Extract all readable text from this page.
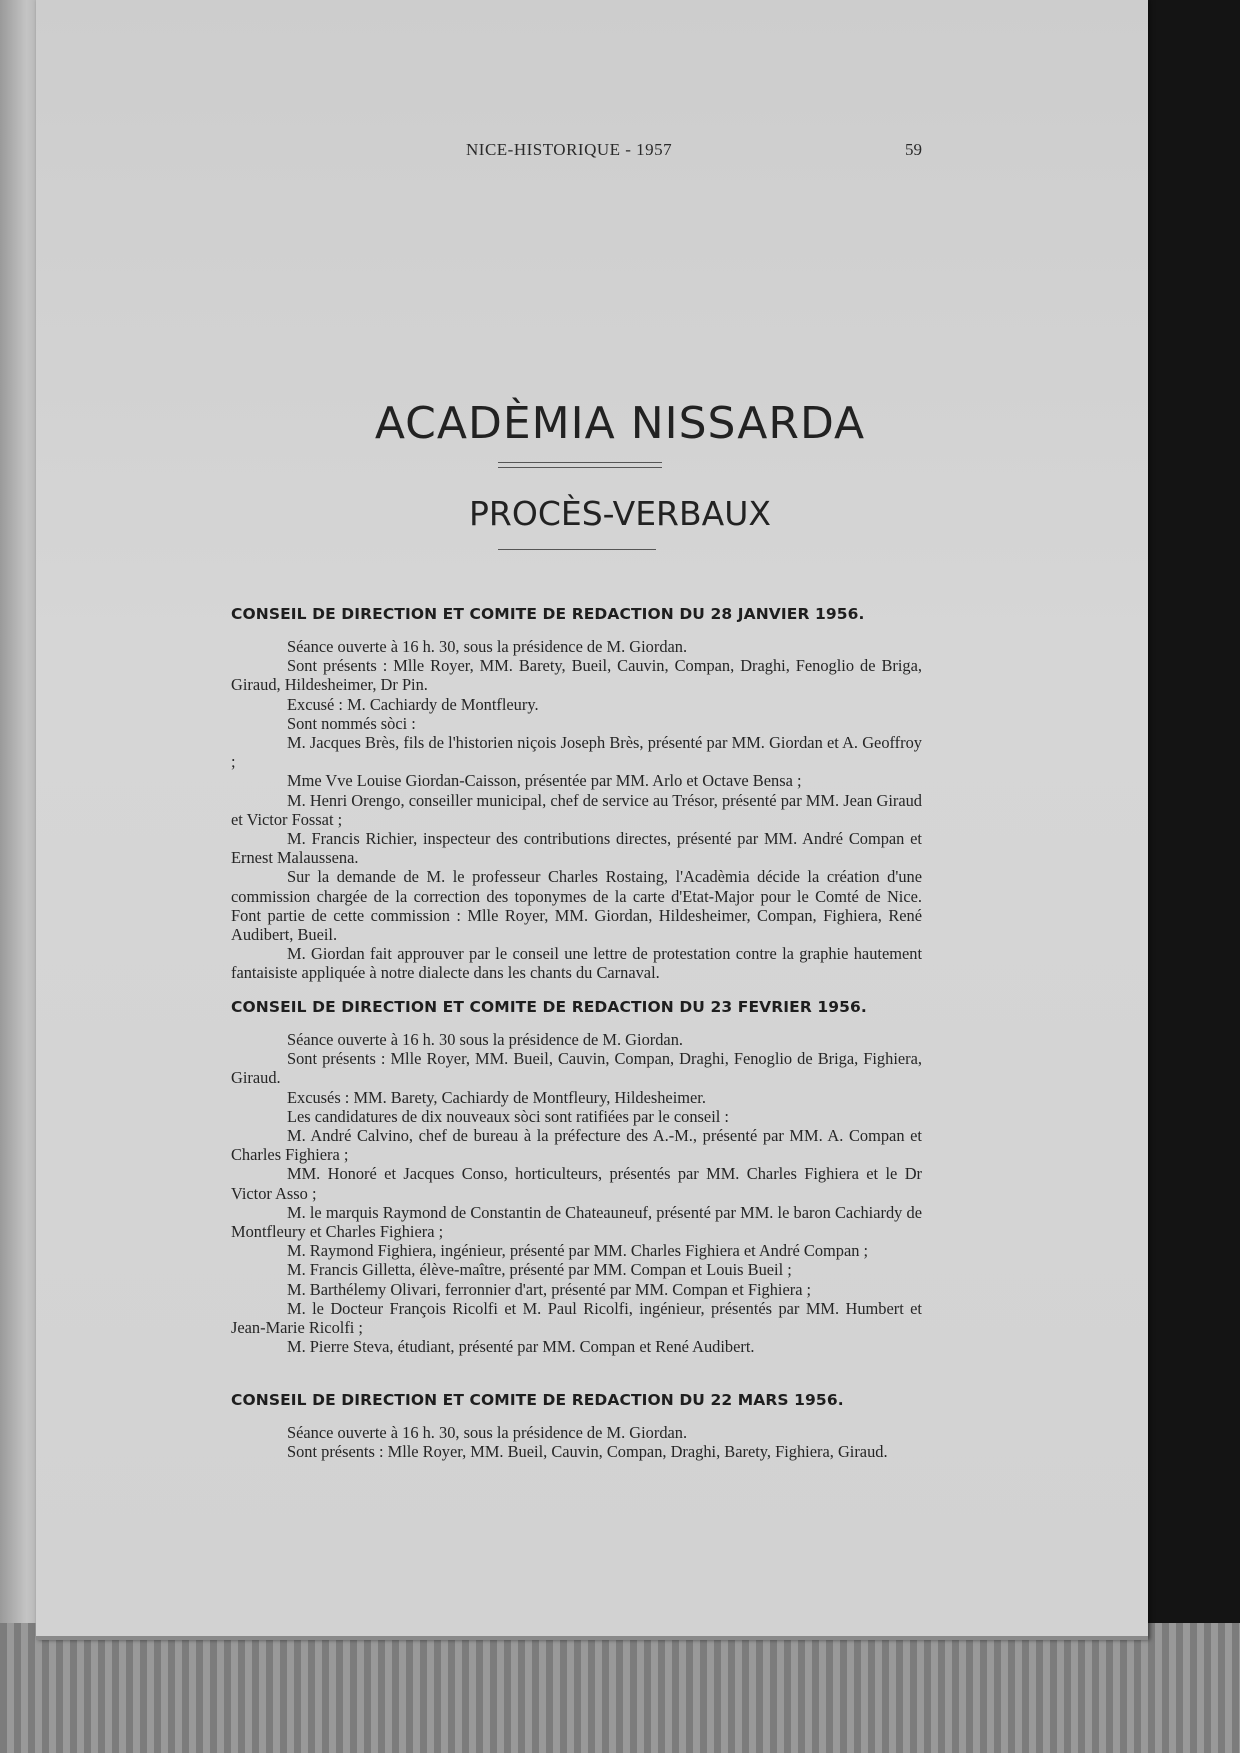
NICE-HISTORIQUE - 1957	59
ACADÈMIA NISSARDA
PROCÈS-VERBAUX
CONSEIL DE DIRECTION ET COMITE DE REDACTION DU 28 JANVIER 1956.

Séance ouverte à 16 h. 30, sous la présidence de M. Giordan.

Sont présents : Mlle Royer, MM. Barety, Bueil, Cauvin, Compan, Draghi, Fenoglio de Briga, Giraud, Hildesheimer, Dr Pin.

Excusé : M. Cachiardy de Montfleury.

Sont nommés sòci :

M. Jacques Brès, fils de l'historien niçois Joseph Brès, présenté par MM. Giordan et A. Geoffroy ;

Mme Vve Louise Giordan-Caisson, présentée par MM. Arlo et Octave Bensa ;

M. Henri Orengo, conseiller municipal, chef de service au Trésor, présenté par MM. Jean Giraud et Victor Fossat ;

M. Francis Richier, inspecteur des contributions directes, présenté par MM. André Compan et Ernest Malaussena.

Sur la demande de M. le professeur Charles Rostaing, l'Acadèmia décide la création d'une commission chargée de la correction des toponymes de la carte d'Etat-Major pour le Comté de Nice. Font partie de cette commission : Mlle Royer, MM. Giordan, Hildesheimer, Compan, Fighiera, René Audibert, Bueil.

M. Giordan fait approuver par le conseil une lettre de protestation contre la graphie hautement fantaisiste appliquée à notre dialecte dans les chants du Carnaval.

CONSEIL DE DIRECTION ET COMITE DE REDACTION DU 23 FEVRIER 1956.

Séance ouverte à 16 h. 30 sous la présidence de M. Giordan.

Sont présents : Mlle Royer, MM. Bueil, Cauvin, Compan, Draghi, Fenoglio de Briga, Fighiera, Giraud.

Excusés : MM. Barety, Cachiardy de Montfleury, Hildesheimer.

Les candidatures de dix nouveaux sòci sont ratifiées par le conseil :

M. André Calvino, chef de bureau à la préfecture des A.-M., présenté par MM. A. Compan et Charles Fighiera ;

MM. Honoré et Jacques Conso, horticulteurs, présentés par MM. Charles Fighiera et le Dr Victor Asso ;

M. le marquis Raymond de Constantin de Chateauneuf, présenté par MM. le baron Cachiardy de Montfleury et Charles Fighiera ;

M. Raymond Fighiera, ingénieur, présenté par MM. Charles Fighiera et André Compan ;

M. Francis Gilletta, élève-maître, présenté par MM. Compan et Louis Bueil ;

M. Barthélemy Olivari, ferronnier d'art, présenté par MM. Compan et Fighiera ;

M. le Docteur François Ricolfi et M. Paul Ricolfi, ingénieur, présentés par MM. Humbert et Jean-Marie Ricolfi ;

M. Pierre Steva, étudiant, présenté par MM. Compan et René Audibert.

CONSEIL DE DIRECTION ET COMITE DE REDACTION DU 22 MARS 1956.

Séance ouverte à 16 h. 30, sous la présidence de M. Giordan.

Sont présents : Mlle Royer, MM. Bueil, Cauvin, Compan, Draghi, Barety, Fighiera, Giraud.
